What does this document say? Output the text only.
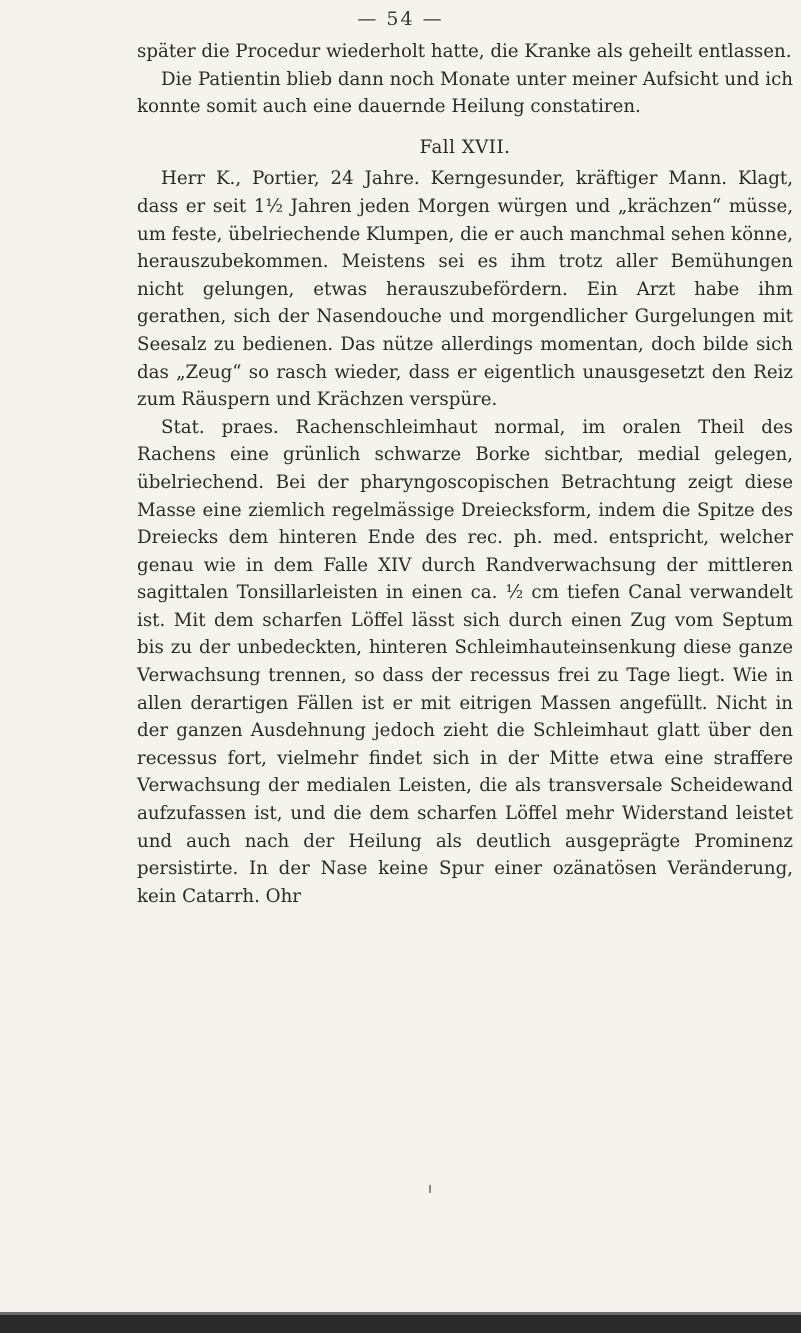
— 54 —

später die Procedur wiederholt hatte, die Kranke als geheilt entlassen.

Die Patientin blieb dann noch Monate unter meiner Aufsicht und ich konnte somit auch eine dauernde Heilung constatiren.

Fall XVII.

Herr K., Portier, 24 Jahre. Kerngesunder, kräftiger Mann. Klagt, dass er seit 1½ Jahren jeden Morgen würgen und „krächzen“ müsse, um feste, übelriechende Klumpen, die er auch manchmal sehen könne, herauszubekommen. Meistens sei es ihm trotz aller Bemühungen nicht gelungen, etwas herauszubefördern. Ein Arzt habe ihm gerathen, sich der Nasendouche und morgendlicher Gurgelungen mit Seesalz zu bedienen. Das nütze allerdings momentan, doch bilde sich das „Zeug“ so rasch wieder, dass er eigentlich unausgesetzt den Reiz zum Räuspern und Krächzen verspüre.

Stat. praes. Rachenschleimhaut normal, im oralen Theil des Rachens eine grünlich schwarze Borke sichtbar, medial gelegen, übelriechend. Bei der pharyngoscopischen Betrachtung zeigt diese Masse eine ziemlich regelmässige Dreiecksform, indem die Spitze des Dreiecks dem hinteren Ende des rec. ph. med. entspricht, welcher genau wie in dem Falle XIV durch Randverwachsung der mittleren sagittalen Tonsillarleisten in einen ca. ½ cm tiefen Canal verwandelt ist. Mit dem scharfen Löffel lässt sich durch einen Zug vom Septum bis zu der unbedeckten, hinteren Schleimhauteinsenkung diese ganze Verwachsung trennen, so dass der recessus frei zu Tage liegt. Wie in allen derartigen Fällen ist er mit eitrigen Massen angefüllt. Nicht in der ganzen Ausdehnung jedoch zieht die Schleimhaut glatt über den recessus fort, vielmehr findet sich in der Mitte etwa eine straffere Verwachsung der medialen Leisten, die als transversale Scheidewand aufzufassen ist, und die dem scharfen Löffel mehr Widerstand leistet und auch nach der Heilung als deutlich ausgeprägte Prominenz persistirte. In der Nase keine Spur einer ozänatösen Veränderung, kein Catarrh. Ohr
